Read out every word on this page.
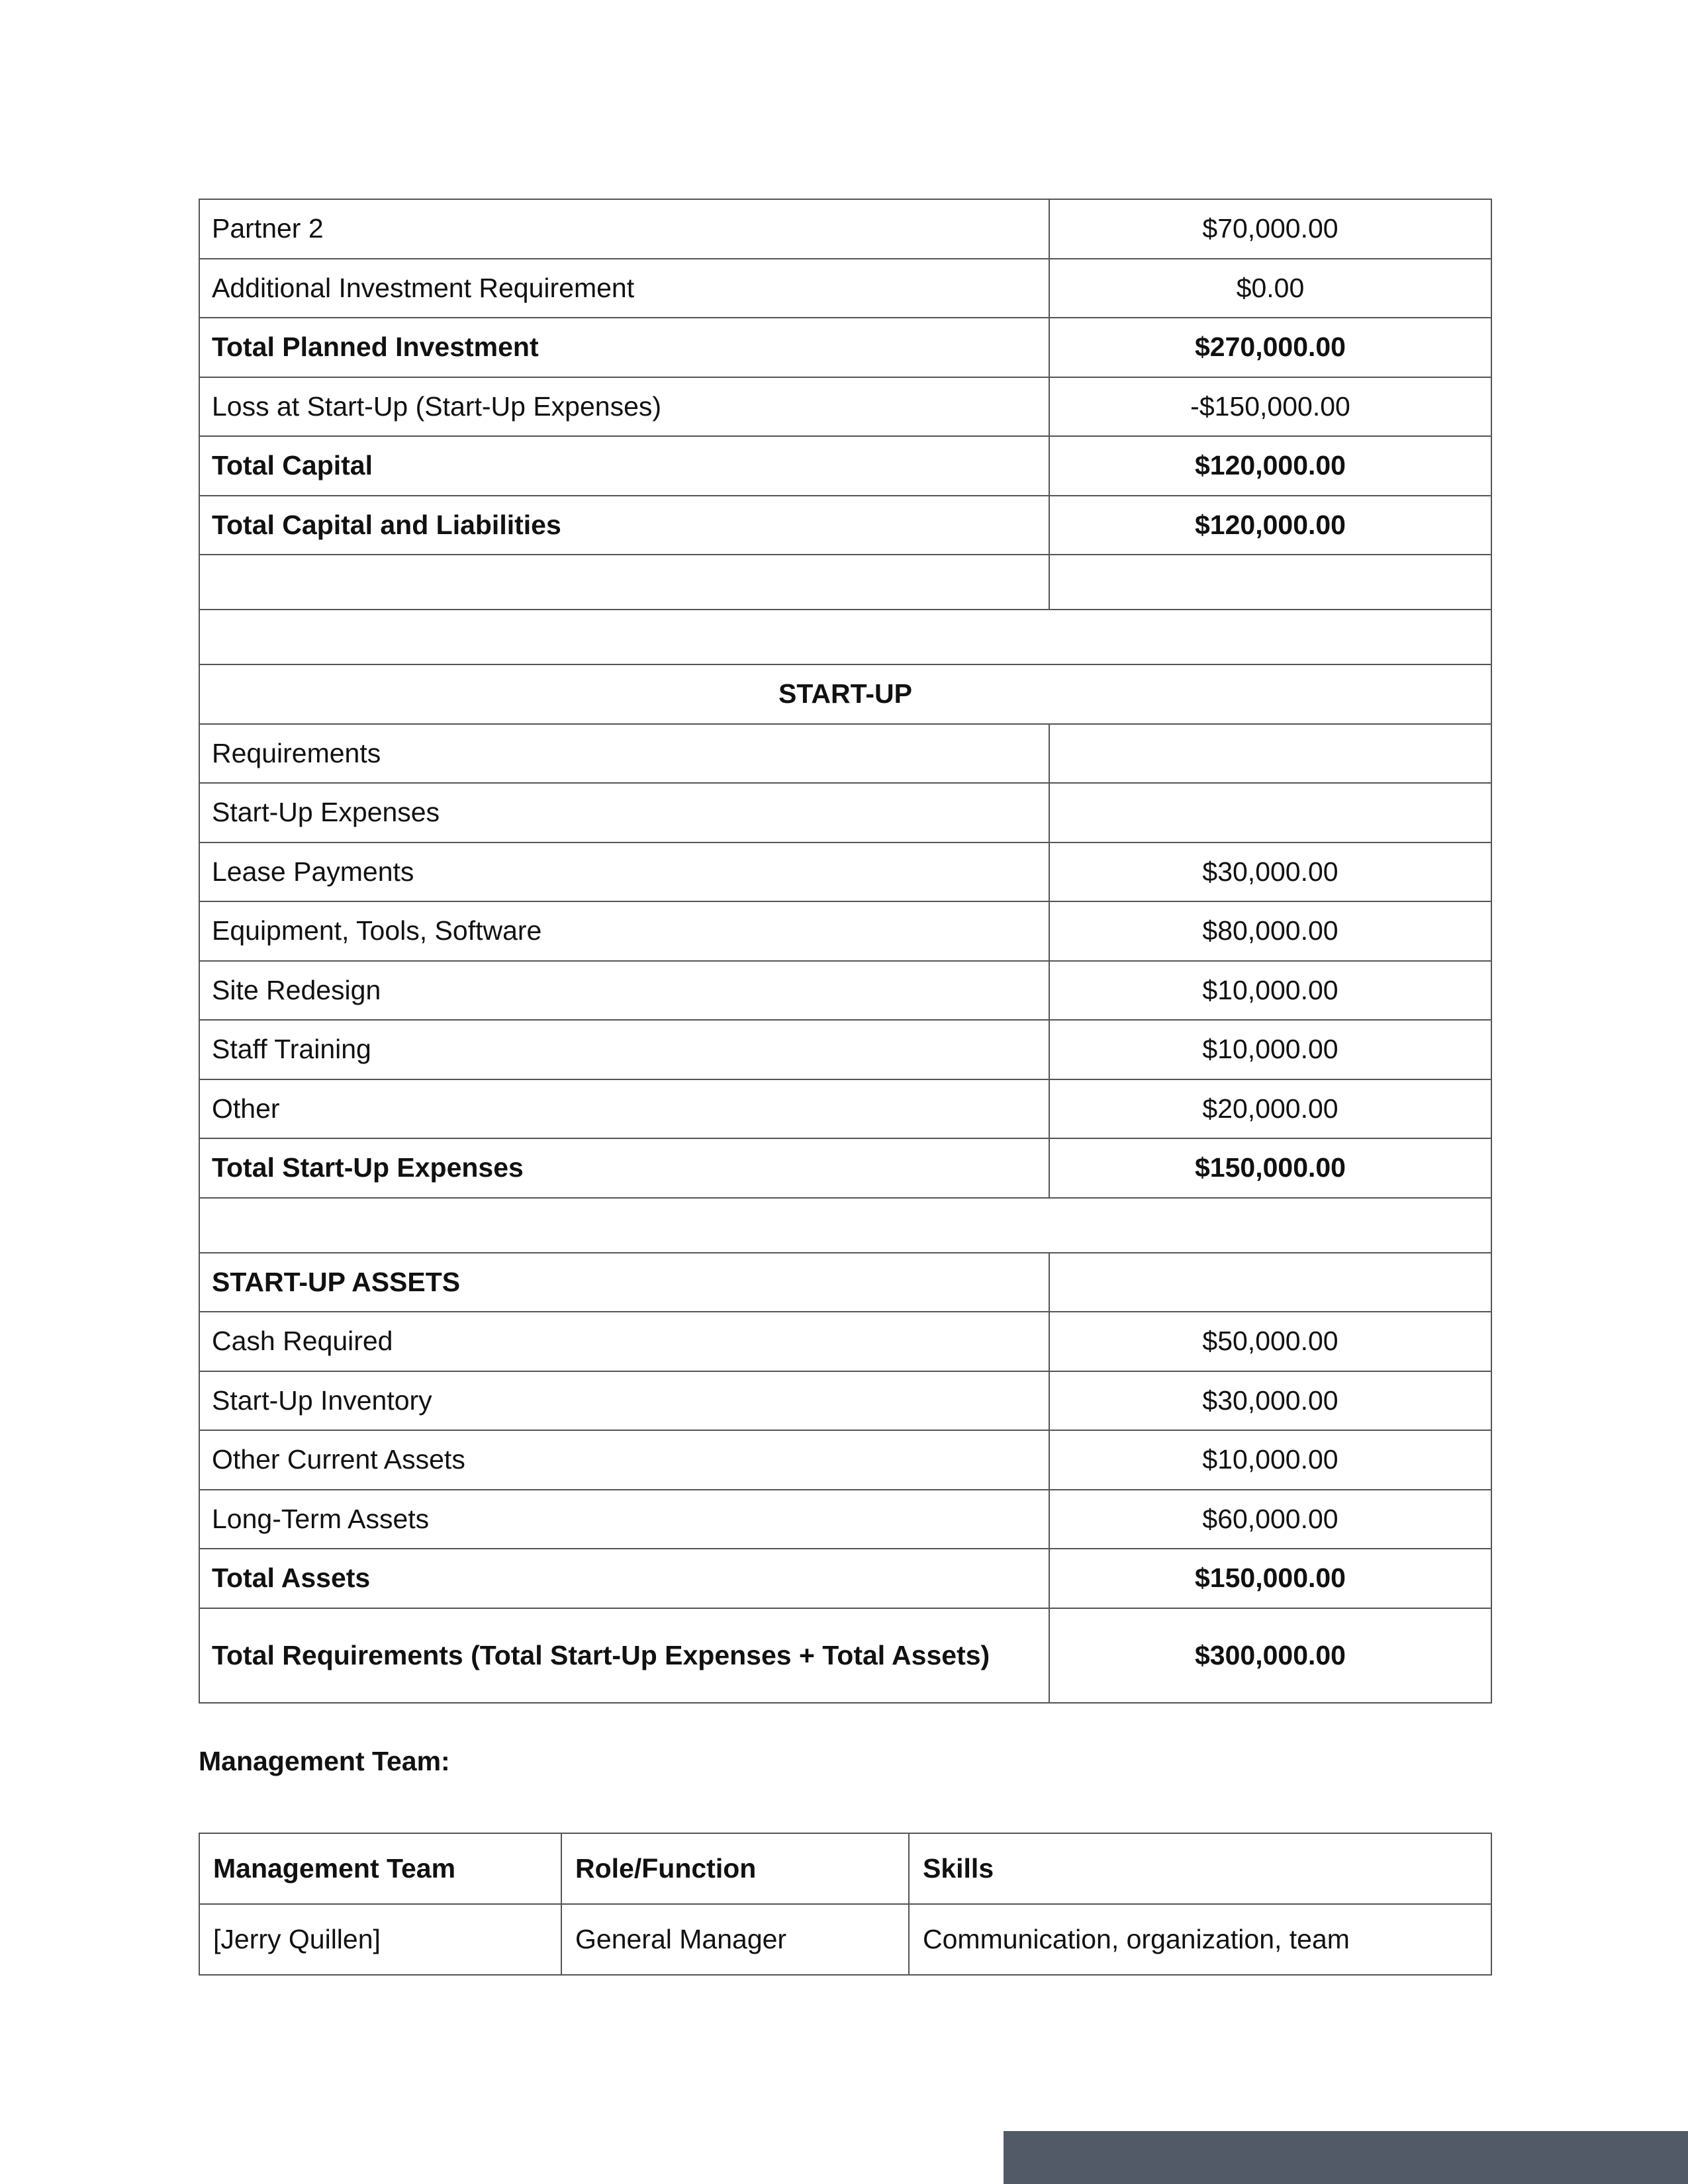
Partner 2	$70,000.00
Additional Investment Requirement	$0.00
Total Planned Investment	$270,000.00
Loss at Start-Up (Start-Up Expenses)	-$150,000.00
Total Capital	$120,000.00
Total Capital and Liabilities	$120,000.00

START-UP	
Requirements	
Start-Up Expenses	
Lease Payments	$30,000.00
Equipment, Tools, Software	$80,000.00
Site Redesign	$10,000.00
Staff Training	$10,000.00
Other	$20,000.00
Total Start-Up Expenses	$150,000.00

START-UP ASSETS	
Cash Required	$50,000.00
Start-Up Inventory	$30,000.00
Other Current Assets	$10,000.00
Long-Term Assets	$60,000.00
Total Assets	$150,000.00
Total Requirements (Total Start-Up Expenses + Total Assets)	$300,000.00
Management Team:
Management Team	Role/Function	Skills
[Jerry Quillen]	General Manager	Communication, organization, team
